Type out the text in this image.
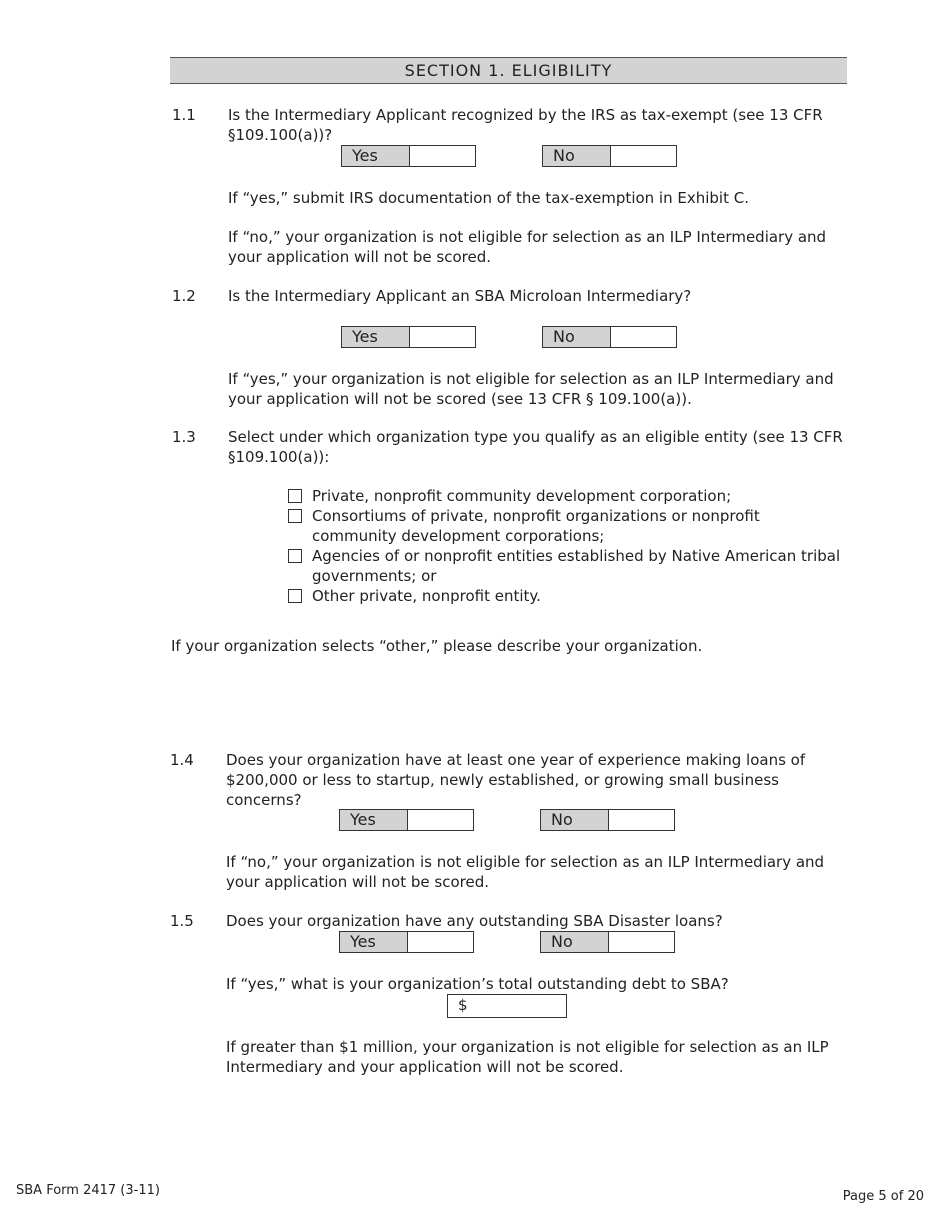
SECTION 1. ELIGIBILITY
1.1	Is the Intermediary Applicant recognized by the IRS as tax-exempt (see 13 CFR §109.100(a))?
Yes	No
If “yes,” submit IRS documentation of the tax-exemption in Exhibit C.
If “no,” your organization is not eligible for selection as an ILP Intermediary and your application will not be scored.
1.2	Is the Intermediary Applicant an SBA Microloan Intermediary?
Yes	No
If “yes,” your organization is not eligible for selection as an ILP Intermediary and your application will not be scored (see 13 CFR § 109.100(a)).
1.3	Select under which organization type you qualify as an eligible entity (see 13 CFR §109.100(a)):
Private, nonprofit community development corporation;
Consortiums of private, nonprofit organizations or nonprofit community development corporations;
Agencies of or nonprofit entities established by Native American tribal governments; or
Other private, nonprofit entity.
If your organization selects “other,” please describe your organization.
1.4	Does your organization have at least one year of experience making loans of $200,000 or less to startup, newly established, or growing small business concerns?
Yes	No
If “no,” your organization is not eligible for selection as an ILP Intermediary and your application will not be scored.
1.5	Does your organization have any outstanding SBA Disaster loans?
Yes	No
If “yes,” what is your organization’s total outstanding debt to SBA?
$
If greater than $1 million, your organization is not eligible for selection as an ILP Intermediary and your application will not be scored.
SBA Form 2417 (3-11)	Page 5 of 20
